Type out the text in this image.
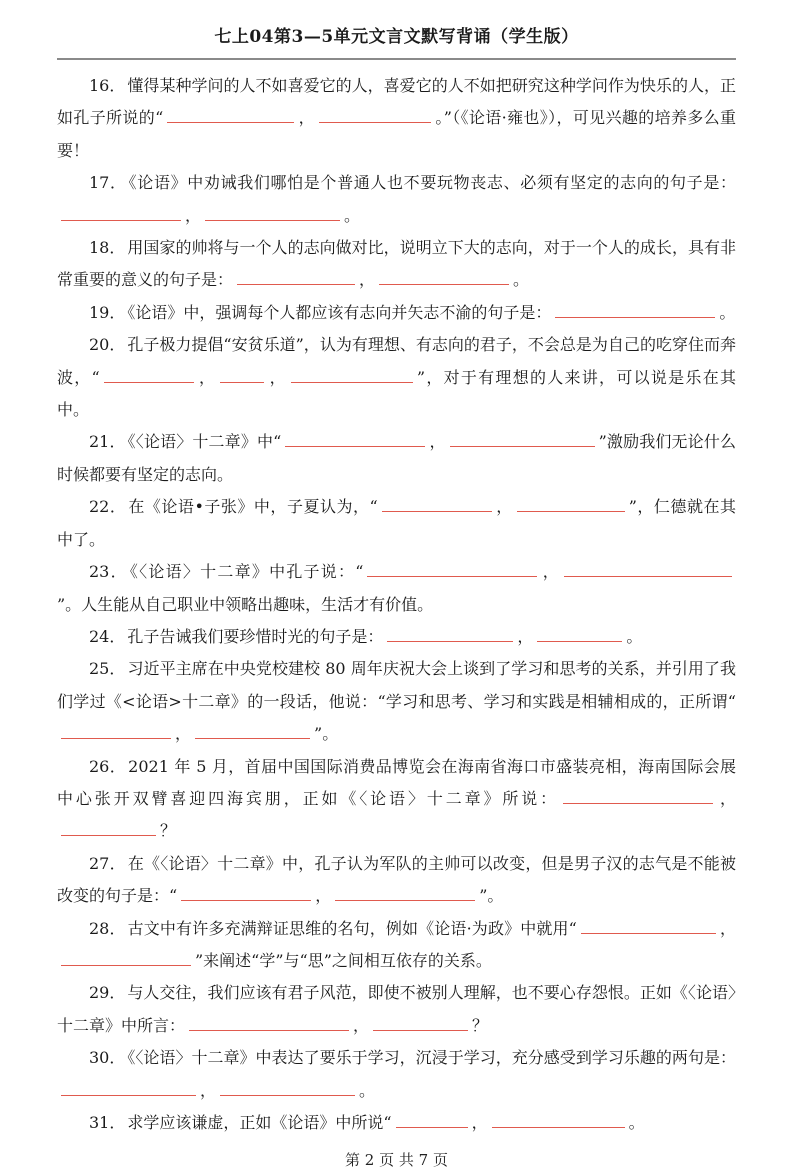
七上04第3—5单元文言文默写背诵（学生版）

16． 懂得某种学问的人不如喜爱它的人，喜爱它的人不如把研究这种学问作为快乐的人，正如孔子所说的“	，	。”（《论语·雍也》），可见兴趣的培养多么重要！

17． 《论语》中劝诫我们哪怕是个普通人也不要玩物丧志、必须有坚定的志向的句子是：，	。

18． 用国家的帅将与一个人的志向做对比，说明立下大的志向，对于一个人的成长，具有非常重要的意义的句子是：	，	。

19． 《论语》中，强调每个人都应该有志向并矢志不渝的句子是：	。

20． 孔子极力提倡“安贫乐道”，认为有理想、有志向的君子，不会总是为自己的吃穿住而奔波，“	，	，	”，对于有理想的人来讲，可以说是乐在其中。

21． 《〈论语〉十二章》中“	，	”激励我们无论什么时候都要有坚定的志向。

22． 在《论语•子张》中，子夏认为，“	，	”，仁德就在其中了。

23． 《〈论语〉十二章》中孔子说：“	，”。人生能从自己职业中领略出趣味，生活才有价值。

24． 孔子告诫我们要珍惜时光的句子是：	，	。

25． 习近平主席在中央党校建校 80 周年庆祝大会上谈到了学习和思考的关系，并引用了我们学过《<论语>十二章》的一段话，他说：“学习和思考、学习和实践是相辅相成的，正所谓“，	”。

26． 2021 年 5 月，首届中国国际消费品博览会在海南省海口市盛装亮相，海南国际会展中心张开双臂喜迎四海宾朋，正如《〈论语〉十二章》所说：	，？

27． 在《〈论语〉十二章》中，孔子认为军队的主帅可以改变，但是男子汉的志气是不能被改变的句子是：“	，	”。

28． 古文中有许多充满辩证思维的名句，例如《论语·为政》中就用“	，”来阐述“学”与“思”之间相互依存的关系。

29． 与人交往，我们应该有君子风范，即使不被别人理解，也不要心存怨恨。正如《〈论语〉十二章》中所言：	，	？

30． 《〈论语〉十二章》中表达了要乐于学习，沉浸于学习，充分感受到学习乐趣的两句是：，	。

31． 求学应该谦虚，正如《论语》中所说“	，	。

第 2 页 共 7 页
